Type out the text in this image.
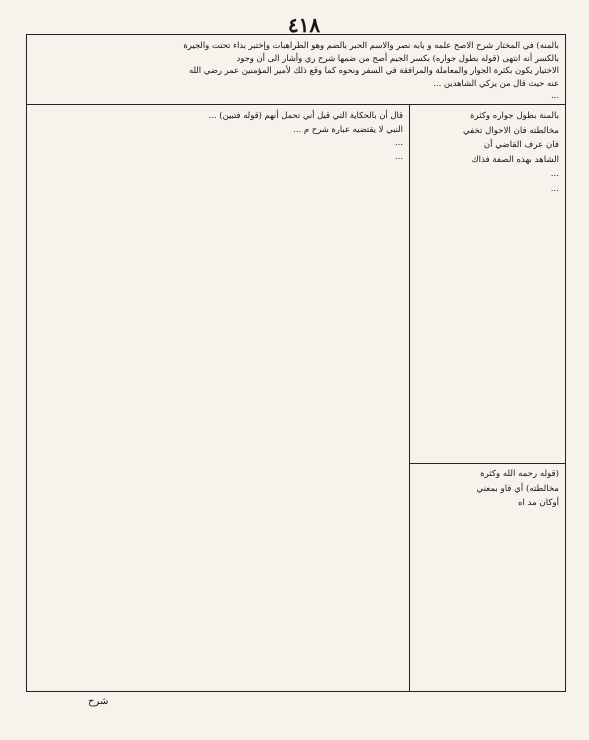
٤١٨
بالمنه) في المختار شرح الاصح علمه و بابه نصر والاسم الحبر بالضم وهو الطراهبات وإختبر بداء تحتت والجيرة
بالكسر أنه انتهى (قوله بطول جواره) بكسر الجيم أصح من ضمها شرح ري وأشار الى أن وجود
الاختيار يكون بكثرة الجوار والمعاملة والمرافقة في السفر ونحوه كما وقع ذلك لأمير المؤمنين عمر رضي الله
عنه حيث قال من يزكي الشاهدين ...
...
قال أن بالحكاية التي قيل أني تحمل أنهم (قوله فتبين) ...
النبي لا يقتضيه عبارة شرح م ...
...
...
بالمنة بطول جواره وكثرة
مخالطته فان الاحوال تخفي
فان عرف القاضي أن
الشاهد بهذه الصفة فذاك
...
...
(قوله رحمه الله وكثرة
مخالطته) أي فاو بمعني
أوكان مد اه
شرح
